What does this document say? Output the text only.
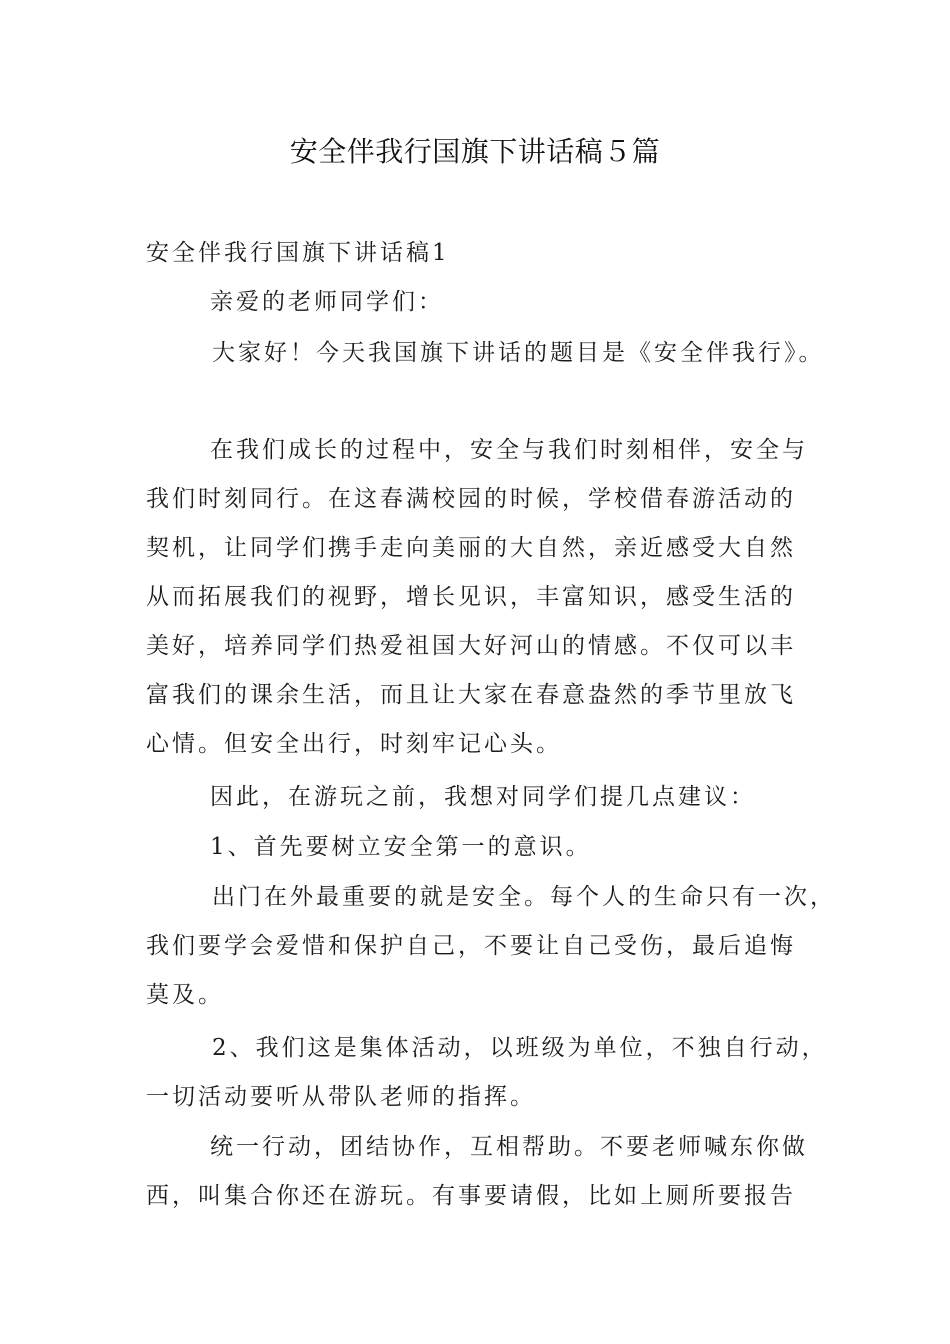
安全伴我行国旗下讲话稿５篇
安全伴我行国旗下讲话稿1
亲爱的老师同学们：
大家好！今天我国旗下讲话的题目是《安全伴我行》。
在我们成长的过程中，安全与我们时刻相伴，安全与
我们时刻同行。在这春满校园的时候，学校借春游活动的
契机，让同学们携手走向美丽的大自然，亲近感受大自然
从而拓展我们的视野，增长见识，丰富知识，感受生活的
美好，培养同学们热爱祖国大好河山的情感。不仅可以丰
富我们的课余生活，而且让大家在春意盎然的季节里放飞
心情。但安全出行，时刻牢记心头。
因此，在游玩之前，我想对同学们提几点建议：
1、首先要树立安全第一的意识。
出门在外最重要的就是安全。每个人的生命只有一次，
我们要学会爱惜和保护自己，不要让自己受伤，最后追悔
莫及。
2、我们这是集体活动，以班级为单位，不独自行动，
一切活动要听从带队老师的指挥。
统一行动，团结协作，互相帮助。不要老师喊东你做
西，叫集合你还在游玩。有事要请假，比如上厕所要报告
